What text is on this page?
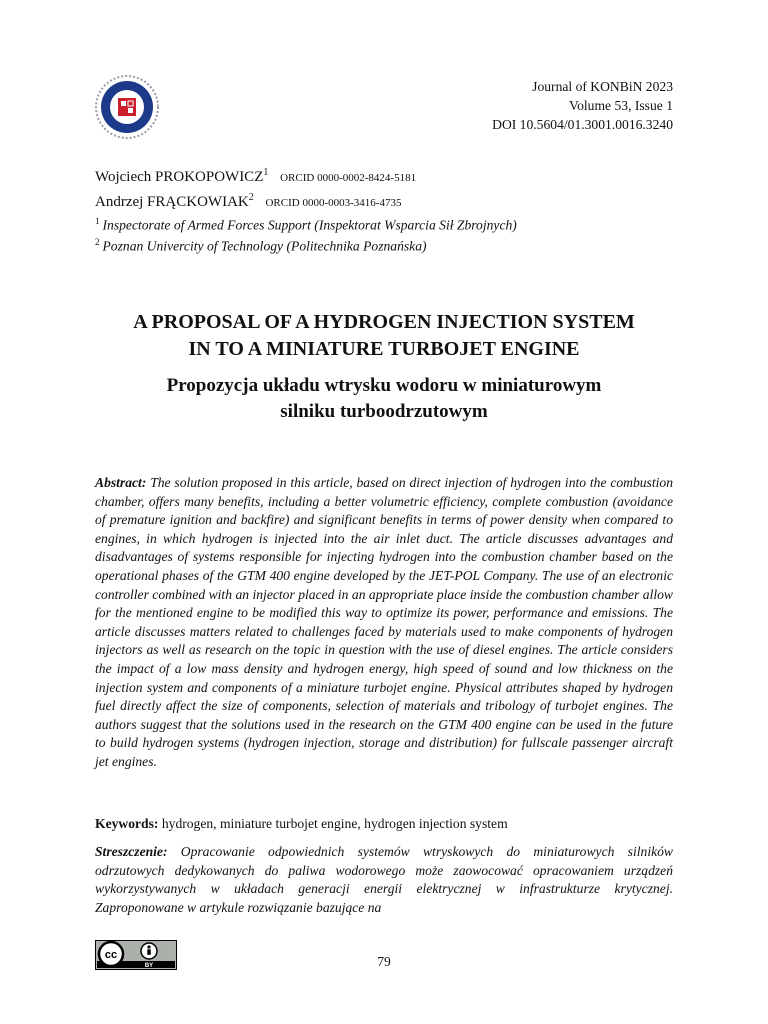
Journal of KONBiN 2023
Volume 53, Issue 1
DOI 10.5604/01.3001.0016.3240
Wojciech PROKOPOWICZ$^1$ ORCID 0000-0002-8424-5181
Andrzej FRĄCKOWIAK$^2$ ORCID 0000-0003-3416-4735
$^1$ Inspectorate of Armed Forces Support (Inspektorat Wsparcia Sił Zbrojnych)
$^2$ Poznan Univercity of Technology (Politechnika Poznańska)
A PROPOSAL OF A HYDROGEN INJECTION SYSTEM
IN TO A MINIATURE TURBOJET ENGINE
Propozycja układu wtrysku wodoru w miniaturowym
silniku turboodrzutowym

Abstract: The solution proposed in this article, based on direct injection of hydrogen into the combustion chamber, offers many benefits, including a better volumetric efficiency, complete combustion (avoidance of premature ignition and backfire) and significant benefits in terms of power density when compared to engines, in which hydrogen is injected into the air inlet duct. The article discusses advantages and disadvantages of systems responsible for injecting hydrogen into the combustion chamber based on the operational phases of the GTM 400 engine developed by the JET-POL Company. The use of an electronic controller combined with an injector placed in an appropriate place inside the combustion chamber allow for the mentioned engine to be modified this way to optimize its power, performance and emissions. The article discusses matters related to challenges faced by materials used to make components of hydrogen injectors as well as research on the topic in question with the use of diesel engines. The article considers the impact of a low mass density and hydrogen energy, high speed of sound and low thickness on the injection system and components of a miniature turbojet engine. Physical attributes shaped by hydrogen fuel directly affect the size of components, selection of materials and tribology of turbojet engines. The authors suggest that the solutions used in the research on the GTM 400 engine can be used in the future to build hydrogen systems (hydrogen injection, storage and distribution) for fullscale passenger aircraft jet engines.

Keywords: hydrogen, miniature turbojet engine, hydrogen injection system

Streszczenie: Opracowanie odpowiednich systemów wtryskowych do miniaturowych silników odrzutowych dedykowanych do paliwa wodorowego może zaowocować opracowaniem urządzeń wykorzystywanych w układach generacji energii elektrycznej w infrastrukturze krytycznej. Zaproponowane w artykule rozwiązanie bazujące na

cc
BY	79
